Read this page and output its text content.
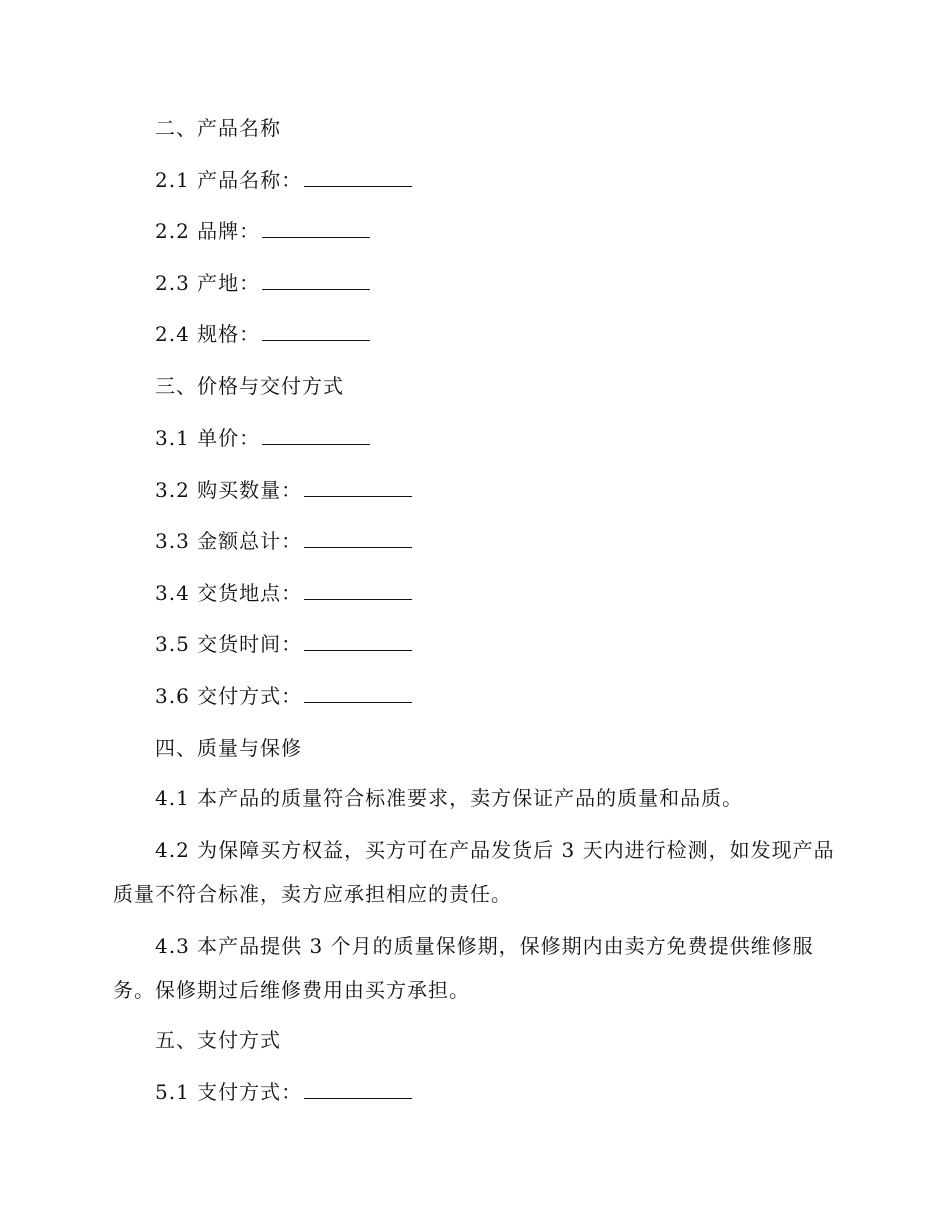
二、产品名称
2.1 产品名称：
2.2 品牌：
2.3 产地：
2.4 规格：
三、价格与交付方式
3.1 单价：
3.2 购买数量：
3.3 金额总计：
3.4 交货地点：
3.5 交货时间：
3.6 交付方式：
四、质量与保修
4.1 本产品的质量符合标准要求，卖方保证产品的质量和品质。
4.2 为保障买方权益，买方可在产品发货后 3 天内进行检测，如发现产品质量不符合标准，卖方应承担相应的责任。
4.3 本产品提供 3 个月的质量保修期，保修期内由卖方免费提供维修服务。保修期过后维修费用由买方承担。
五、支付方式
5.1 支付方式：
